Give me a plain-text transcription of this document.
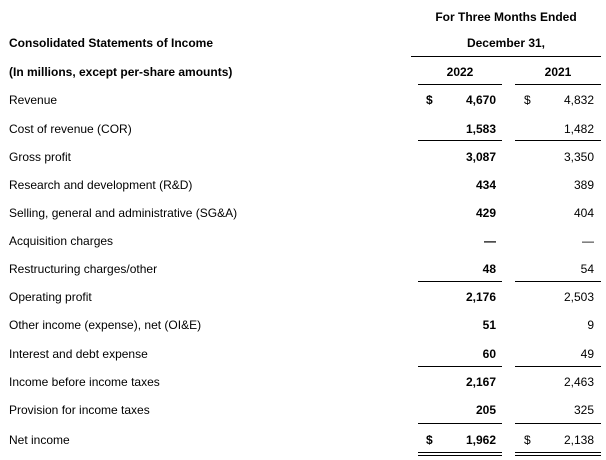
For Three Months Ended
Consolidated Statements of Income	December 31,
(In millions, except per-share amounts)	2022	2021
Revenue	$	4,670 $	4,832
Cost of revenue (COR)	1,583	1,482
Gross profit	3,087	3,350
Research and development (R&D)	434	389
Selling, general and administrative (SG&A)	429	404
Acquisition charges	—	—
Restructuring charges/other	48	54
Operating profit	2,176	2,503
Other income (expense), net (OI&E)	51	9
Interest and debt expense	60	49
Income before income taxes	2,167	2,463
Provision for income taxes	205	325
Net income	$	1,962 $	2,138
